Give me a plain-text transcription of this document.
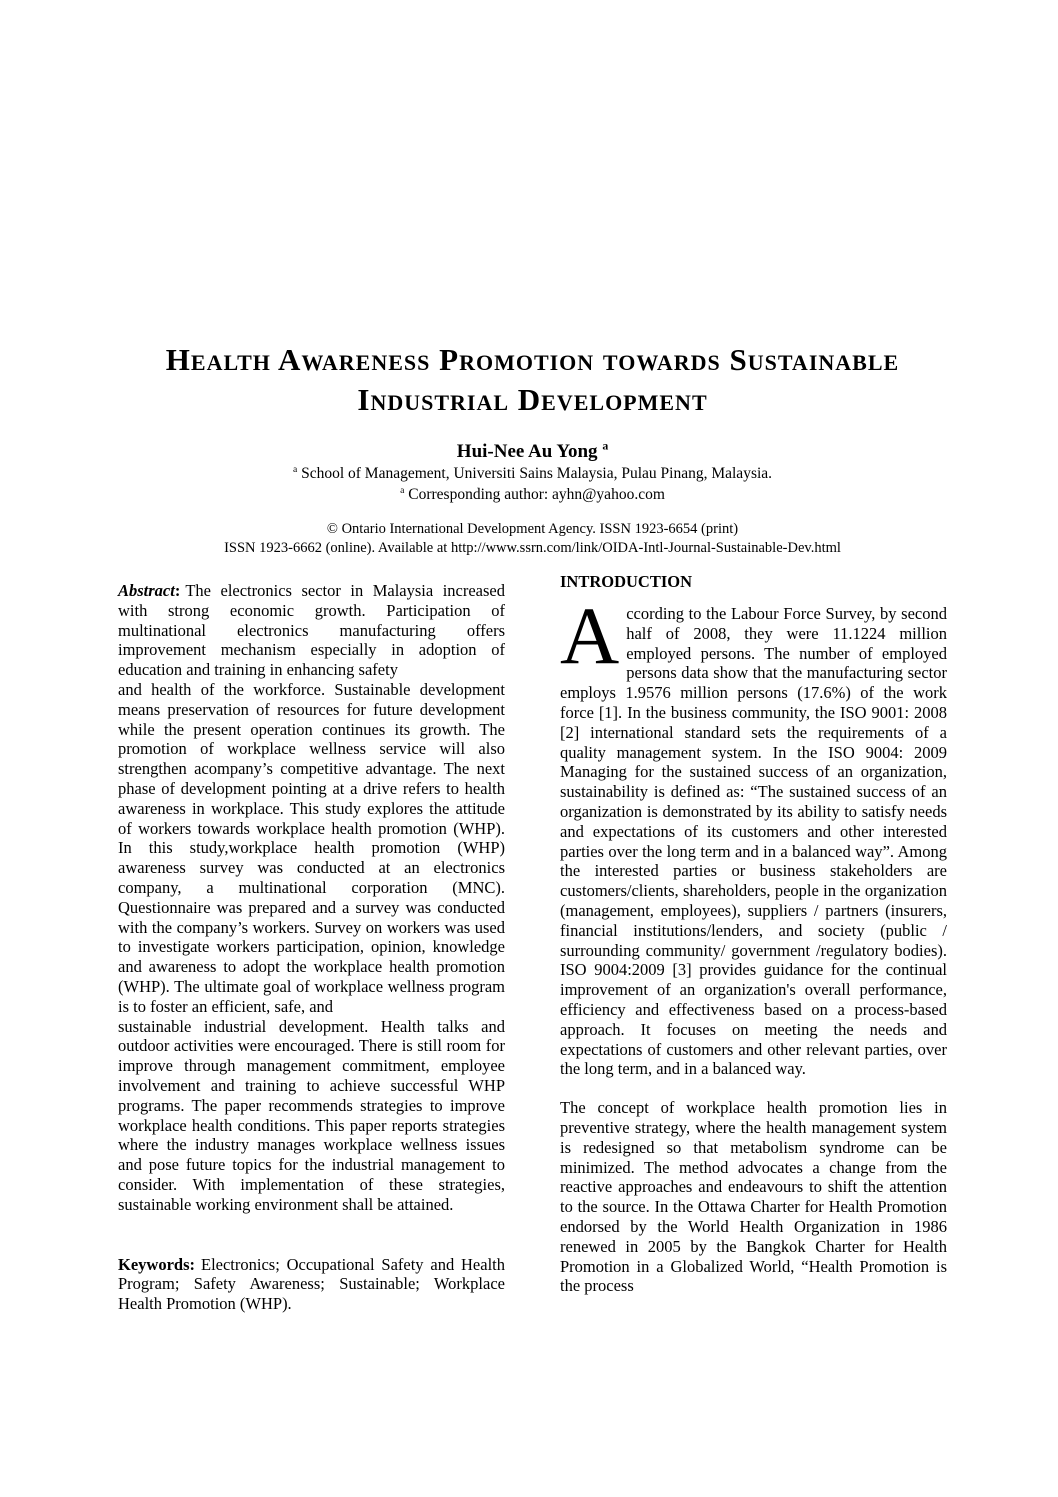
Health Awareness Promotion towards Sustainable
Industrial Development
Hui-Nee Au Yong $^a$
$^a$ School of Management, Universiti Sains Malaysia, Pulau Pinang, Malaysia.
$^a$ Corresponding author: ayhn@yahoo.com
© Ontario International Development Agency. ISSN 1923-6654 (print)
ISSN 1923-6662 (online). Available at http://www.ssrn.com/link/OIDA-Intl-Journal-Sustainable-Dev.html

Abstract: The electronics sector in Malaysia increased with strong economic growth. Participation of multinational electronics manufacturing offers improvement mechanism especially in adoption of education and training in enhancing safety
and health of the workforce. Sustainable development means preservation of resources for future development while the present operation continues its growth. The promotion of workplace wellness service will also strengthen acompany’s competitive advantage. The next phase of development pointing at a drive refers to health awareness in workplace. This study explores the attitude of workers towards workplace health promotion (WHP). In this study,workplace health promotion (WHP) awareness survey was conducted at an electronics company, a multinational corporation (MNC). Questionnaire was prepared and a survey was conducted with the company’s workers. Survey on workers was used to investigate workers participation, opinion, knowledge and awareness to adopt the workplace health promotion (WHP). The ultimate goal of workplace wellness program is to foster an efficient, safe, and
sustainable industrial development. Health talks and outdoor activities were encouraged. There is still room for improve through management commitment, employee involvement and training to achieve successful WHP programs. The paper recommends strategies to improve workplace health conditions. This paper reports strategies where the industry manages workplace wellness issues and pose future topics for the industrial management to consider. With implementation of these strategies, sustainable working environment shall be attained.

Keywords: Electronics; Occupational Safety and Health Program; Safety Awareness; Sustainable; Workplace Health Promotion (WHP).

INTRODUCTION

According to the Labour Force Survey, by second half of 2008, they were 11.1224 million employed persons. The number of employed persons data show that the manufacturing sector employs 1.9576 million persons (17.6%) of the work force [1]. In the business community, the ISO 9001: 2008 [2] international standard sets the requirements of a quality management system. In the ISO 9004: 2009 Managing for the sustained success of an organization, sustainability is defined as: “The sustained success of an organization is demonstrated by its ability to satisfy needs and expectations of its customers and other interested parties over the long term and in a balanced way”. Among the interested parties or business stakeholders are customers/clients, shareholders, people in the organization (management, employees), suppliers / partners (insurers, financial institutions/lenders, and society (public / surrounding community/ government /regulatory bodies). ISO 9004:2009 [3] provides guidance for the continual improvement of an organization's overall performance, efficiency and effectiveness based on a process-based approach. It focuses on meeting the needs and expectations of customers and other relevant parties, over the long term, and in a balanced way.

The concept of workplace health promotion lies in preventive strategy, where the health management system is redesigned so that metabolism syndrome can be minimized. The method advocates a change from the reactive approaches and endeavours to shift the attention to the source. In the Ottawa Charter for Health Promotion endorsed by the World Health Organization in 1986 renewed in 2005 by the Bangkok Charter for Health Promotion in a Globalized World, “Health Promotion is the process
